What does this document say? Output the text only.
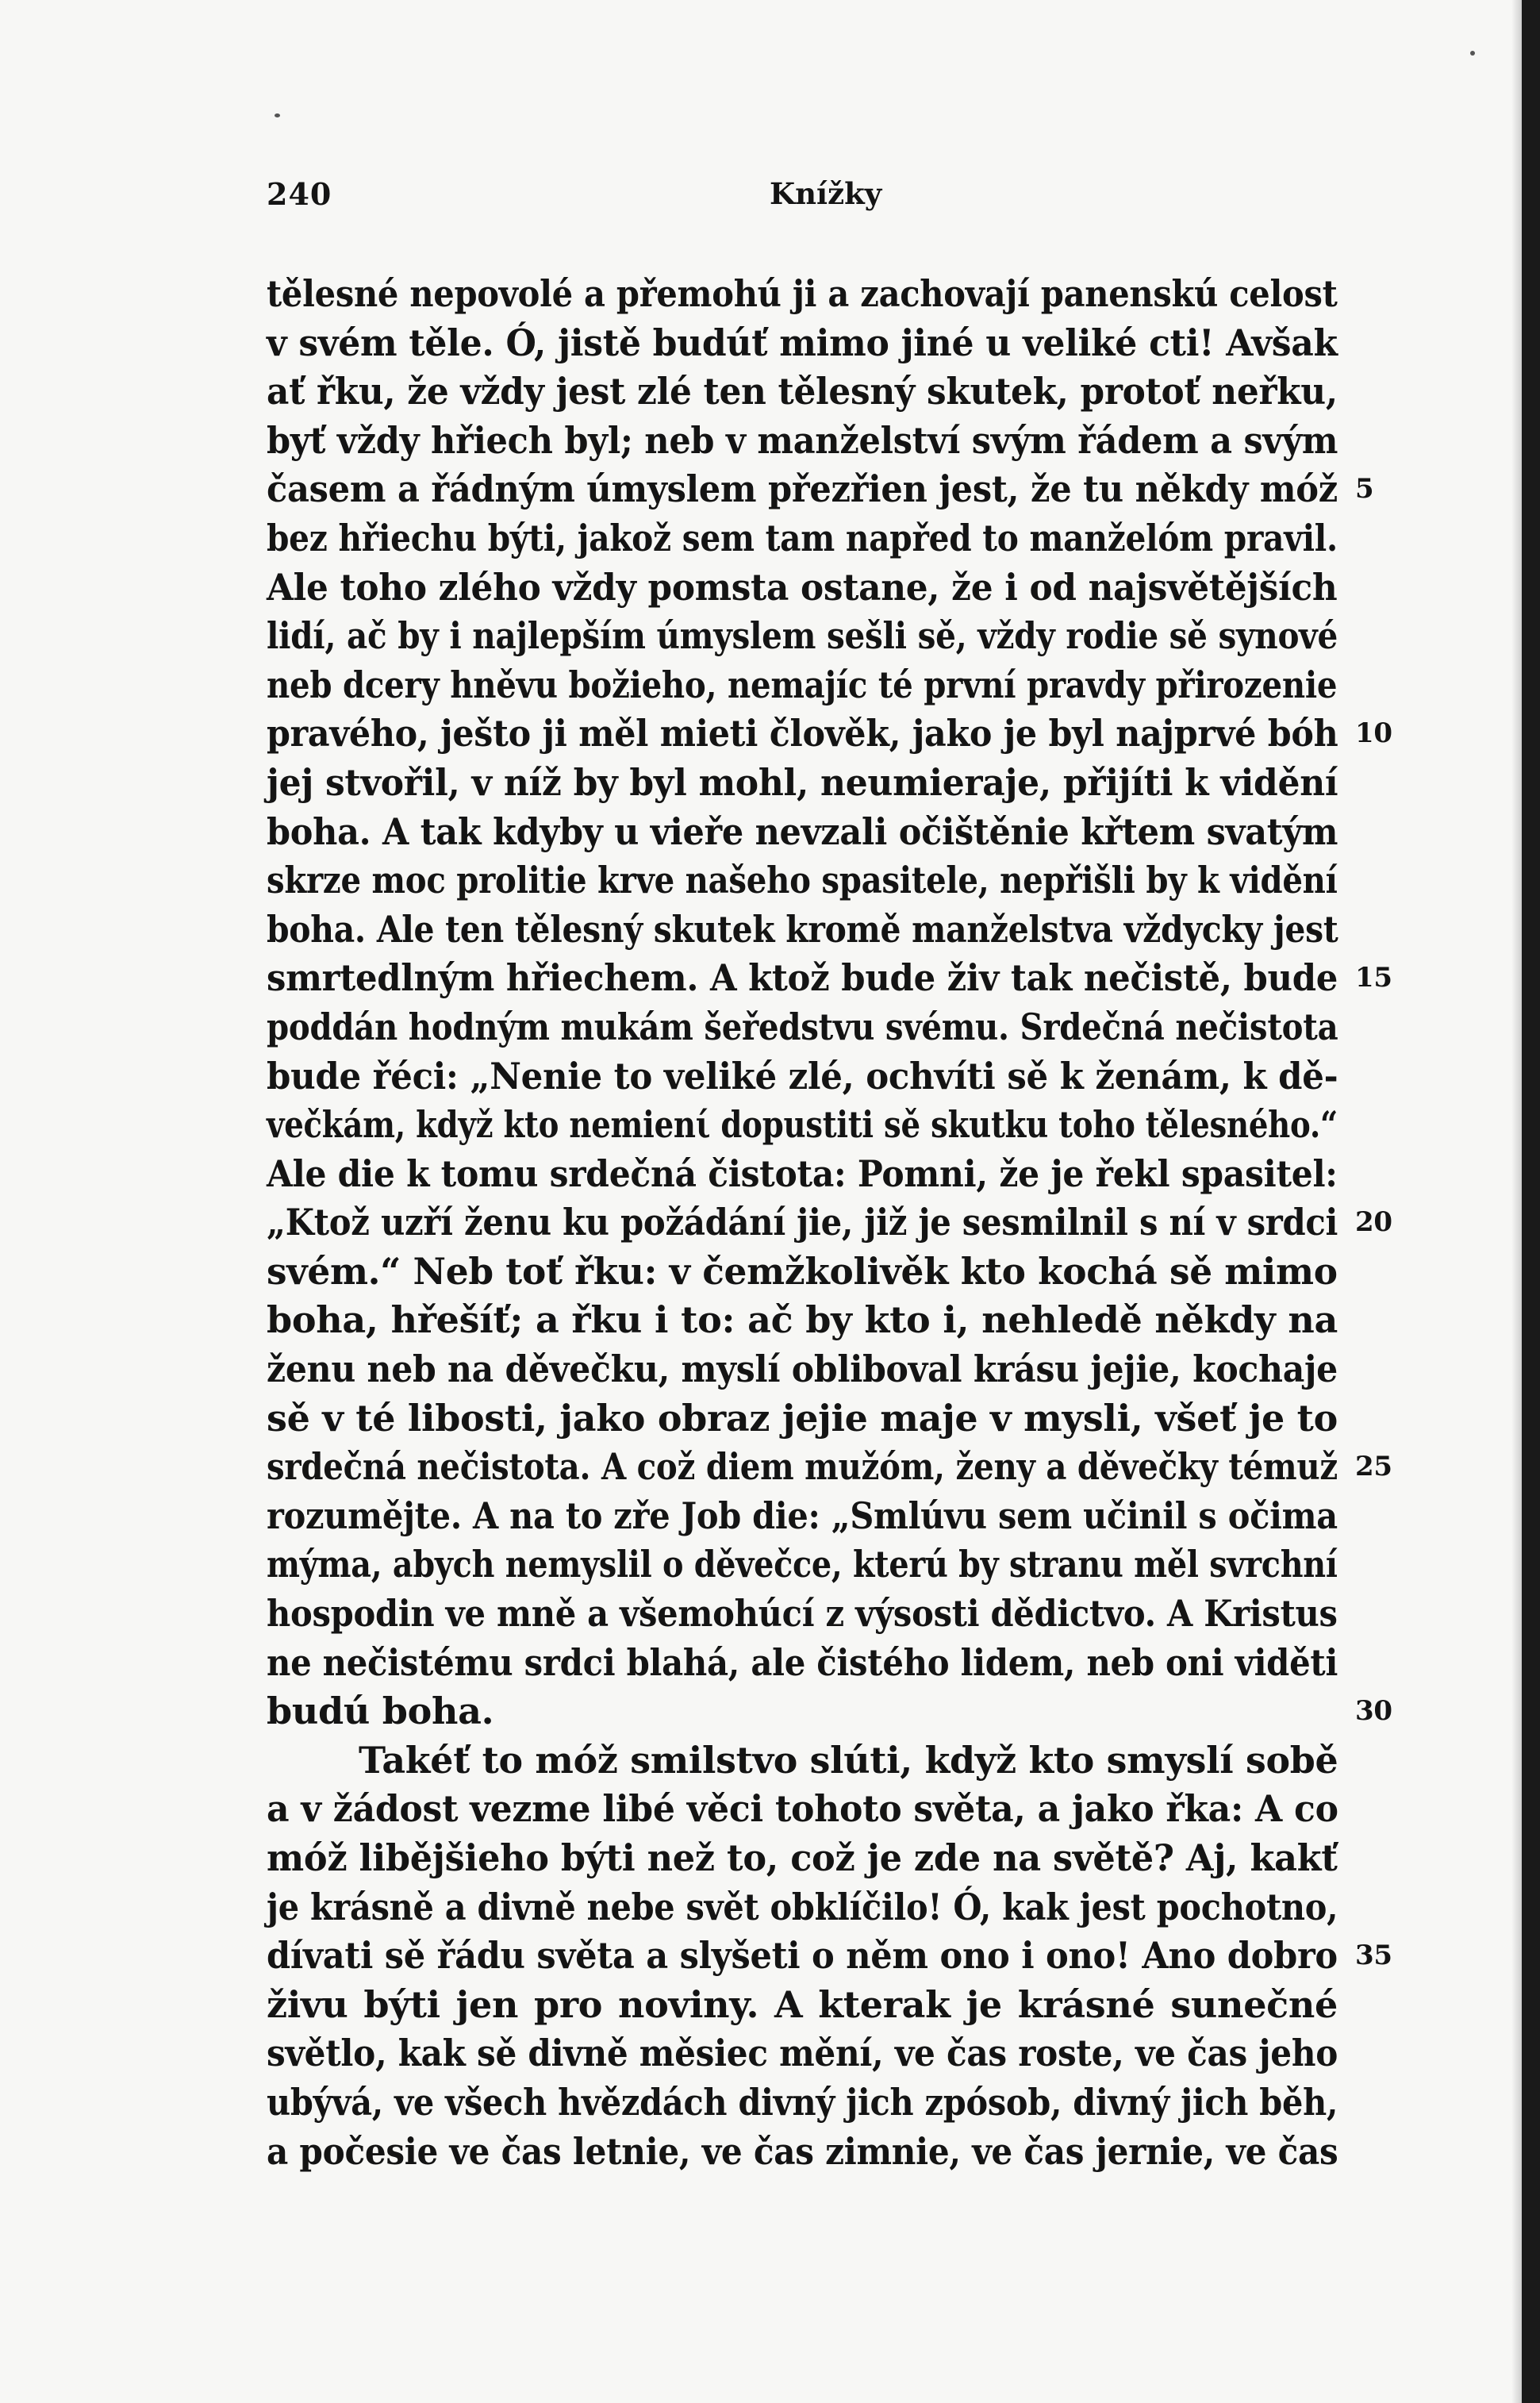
240	Knížky
tělesné nepovolé a přemohú ji a zachovají panenskú celost
v svém těle. Ó, jistě budúť mimo jiné u veliké cti! Avšak
ať řku, že vždy jest zlé ten tělesný skutek, protoť neřku,
byť vždy hřiech byl; neb v manželství svým řádem a svým
časem a řádným úmyslem přezřien jest, že tu někdy móž 5
bez hřiechu býti, jakož sem tam napřed to manželóm pravil.
Ale toho zlého vždy pomsta ostane, že i od najsvětějších
lidí, ač by i najlepším úmyslem sešli sě, vždy rodie sě synové
neb dcery hněvu božieho, nemajíc té první pravdy přirozenie
pravého, ješto ji měl mieti člověk, jako je byl najprvé bóh 10
jej stvořil, v níž by byl mohl, neumieraje, přijíti k vidění
boha. A tak kdyby u vieře nevzali očištěnie křtem svatým
skrze moc prolitie krve našeho spasitele, nepřišli by k vidění
boha. Ale ten tělesný skutek kromě manželstva vždycky jest
smrtedlným hřiechem. A ktož bude živ tak nečistě, bude 15
poddán hodným mukám šeředstvu svému. Srdečná nečistota
bude řéci: „Nenie to veliké zlé, ochvíti sě k ženám, k dě-
večkám, když kto nemienί dopustiti sě skutku toho tělesného.“
Ale die k tomu srdečná čistota: Pomni, že je řekl spasitel:
„Ktož uzří ženu ku požádání jie, již je sesmilnil s ní v srdci 20
svém.“ Neb toť řku: v čemžkolivěk kto kochá sě mimo
boha, hřešíť; a řku i to: ač by kto i, nehledě někdy na
ženu neb na děvečku, myslí obliboval krásu jejie, kochaje
sě v té libosti, jako obraz jejie maje v mysli, všeť je to
srdečná nečistota. A což diem mužóm, ženy a děvečky témuž 25
rozumějte. A na to zře Job die: „Smlúvu sem učinil s očima
mýma, abych nemyslil o děvečce, kterú by stranu měl svrchní
hospodin ve mně a všemohúcí z výsosti dědictvo. A Kristus
ne nečistému srdci blahá, ale čistého lidem, neb oni viděti
budú boha.	30
Takéť to móž smilstvo slúti, když kto smyslí sobě
a v žádost vezme libé věci tohoto světa, a jako řka: A co
móž libějšieho býti než to, což je zde na světě? Aj, kakť
je krásně a divně nebe svět obklíčilo! Ó, kak jest pochotno,
dívati sě řádu světa a slyšeti o něm ono i ono! Ano dobro 35
živu býti jen pro noviny. A kterak je krásné sunečné
světlo, kak sě divně měsiec mění, ve čas roste, ve čas jeho
ubývá, ve všech hvězdách divný jich zpósob, divný jich běh,
a počesie ve čas letnie, ve čas zimnie, ve čas jernie, ve čas
